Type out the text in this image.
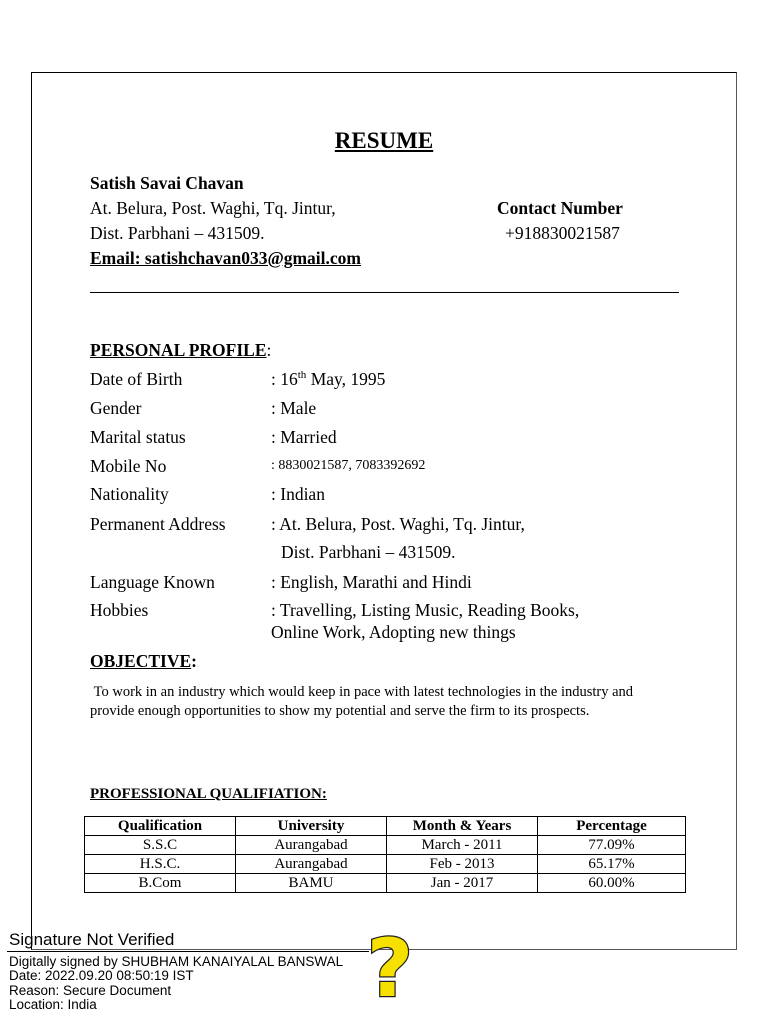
RESUME
Satish Savai Chavan
At. Belura, Post. Waghi, Tq. Jintur,
Dist. Parbhani – 431509.
Contact Number
+918830021587
Email: satishchavan033@gmail.com
PERSONAL PROFILE:
Date of Birth	: 16th May, 1995
Gender	: Male
Marital status	: Married
Mobile No	: 8830021587, 7083392692
Nationality	: Indian
Permanent Address	: At. Belura, Post. Waghi, Tq. Jintur,
Dist. Parbhani – 431509.
Language Known	: English, Marathi and Hindi
Hobbies	: Travelling, Listing Music, Reading Books,
Online Work, Adopting new things
OBJECTIVE:
To work in an industry which would keep in pace with latest technologies in the industry and provide enough opportunities to show my potential and serve the firm to its prospects.
PROFESSIONAL QUALIFIATION:
Qualification	University	Month & Years	Percentage
S.S.C	Aurangabad	March - 2011	77.09%
H.S.C.	Aurangabad	Feb - 2013	65.17%
B.Com	BAMU	Jan - 2017	60.00%
Signature Not Verified
Digitally signed by SHUBHAM KANAIYALAL BANSWAL
Date: 2022.09.20 08:50:19 IST
Reason: Secure Document
Location: India	?
